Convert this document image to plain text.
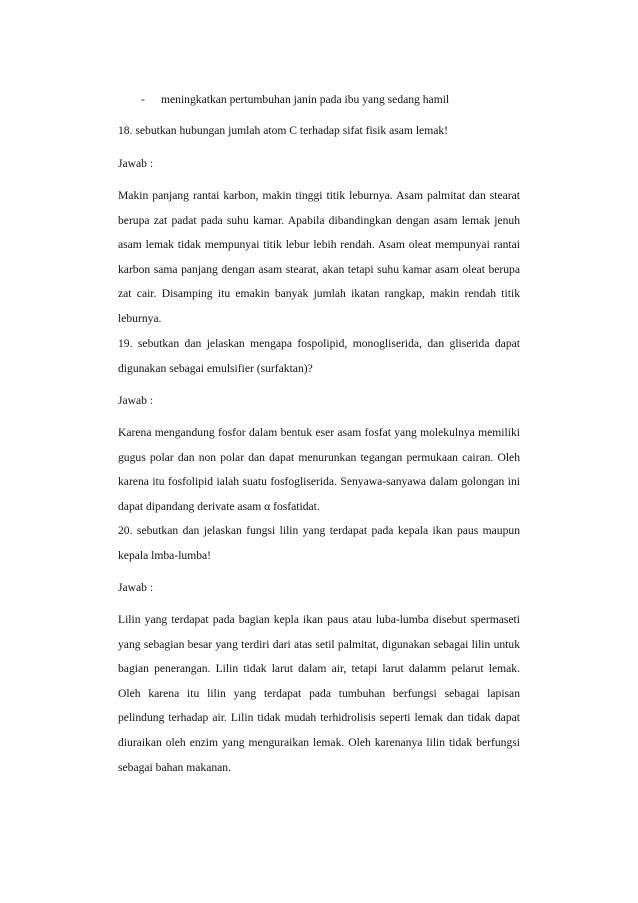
- meningkatkan pertumbuhan janin pada ibu yang sedang hamil
18. sebutkan hubungan jumlah atom C terhadap sifat fisik asam lemak!
Jawab :
Makin panjang rantai karbon, makin tinggi titik leburnya. Asam palmitat dan stearat berupa zat padat pada suhu kamar. Apabila dibandingkan dengan asam lemak jenuh asam lemak tidak mempunyai titik lebur lebih rendah. Asam oleat mempunyai rantai karbon sama panjang dengan asam stearat, akan tetapi suhu kamar asam oleat berupa zat cair. Disamping itu emakin banyak jumlah ikatan rangkap, makin rendah titik leburnya.
19. sebutkan dan jelaskan mengapa fospolipid, monogliserida, dan gliserida dapat digunakan sebagai emulsifier (surfaktan)?
Jawab :
Karena mengandung fosfor dalam bentuk eser asam fosfat yang molekulnya memiliki gugus polar dan non polar dan dapat menurunkan tegangan permukaan cairan. Oleh karena itu fosfolipid ialah suatu fosfogliserida. Senyawa-sanyawa dalam golongan ini dapat dipandang derivate asam α fosfatidat.
20. sebutkan dan jelaskan fungsi lilin yang terdapat pada kepala ikan paus maupun kepala lmba-lumba!
Jawab :
Lilin yang terdapat pada bagian kepla ikan paus atau luba-lumba disebut spermaseti yang sebagian besar yang terdiri dari atas setil palmitat, digunakan sebagai lilin untuk bagian penerangan. Lilin tidak larut dalam air, tetapi larut dalamm pelarut lemak. Oleh karena itu lilin yang terdapat pada tumbuhan berfungsi sebagai lapisan pelindung terhadap air. Lilin tidak mudah terhidrolisis seperti lemak dan tidak dapat diuraikan oleh enzim yang menguraikan lemak. Oleh karenanya lilin tidak berfungsi sebagai bahan makanan.
